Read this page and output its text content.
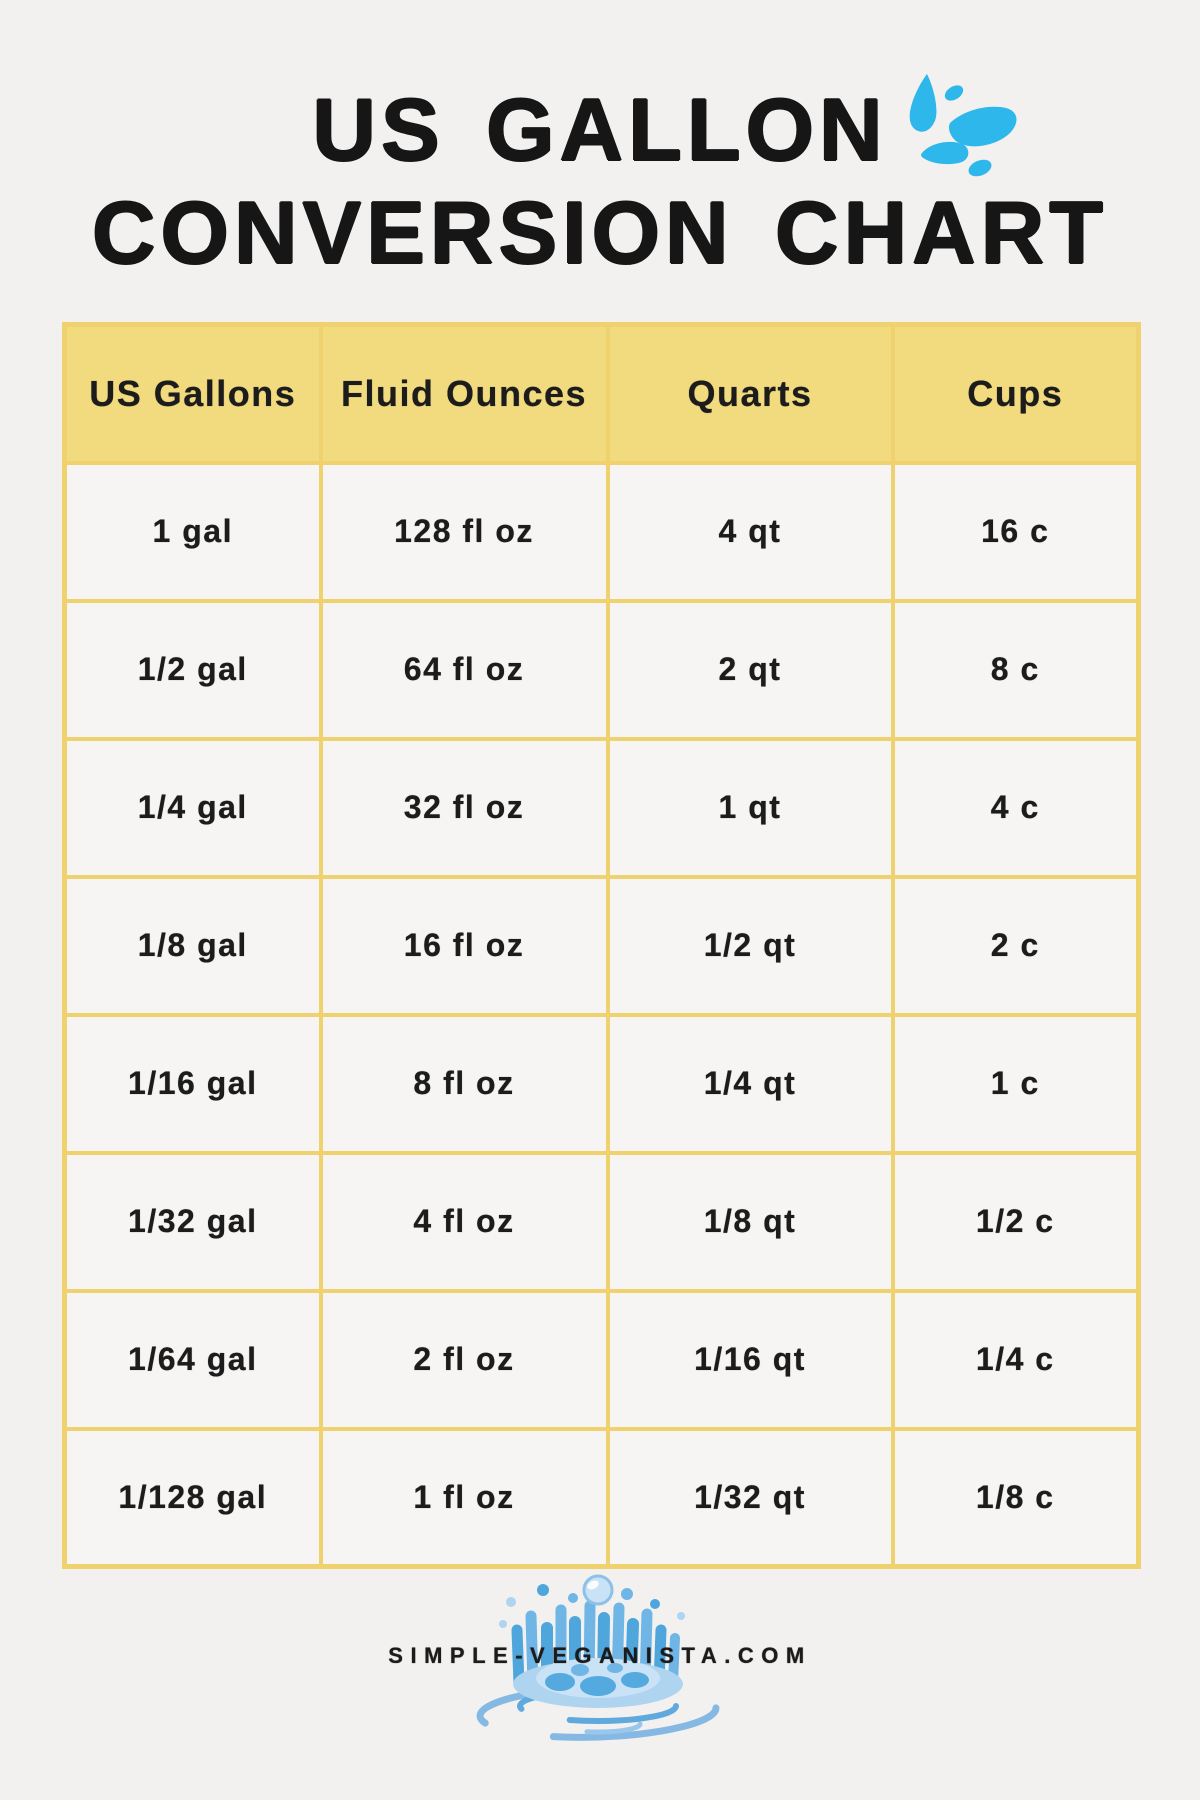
US GALLON
CONVERSION CHART
US Gallons	Fluid Ounces	Quarts	Cups
1 gal	128 fl oz	4 qt	16 c
1/2 gal	64 fl oz	2 qt	8 c
1/4 gal	32 fl oz	1 qt	4 c
1/8 gal	16 fl oz	1/2 qt	2 c
1/16 gal	8 fl oz	1/4 qt	1 c
1/32 gal	4 fl oz	1/8 qt	1/2 c
1/64 gal	2 fl oz	1/16 qt	1/4 c
1/128 gal	1 fl oz	1/32 qt	1/8 c
SIMPLE-VEGANISTA.COM
